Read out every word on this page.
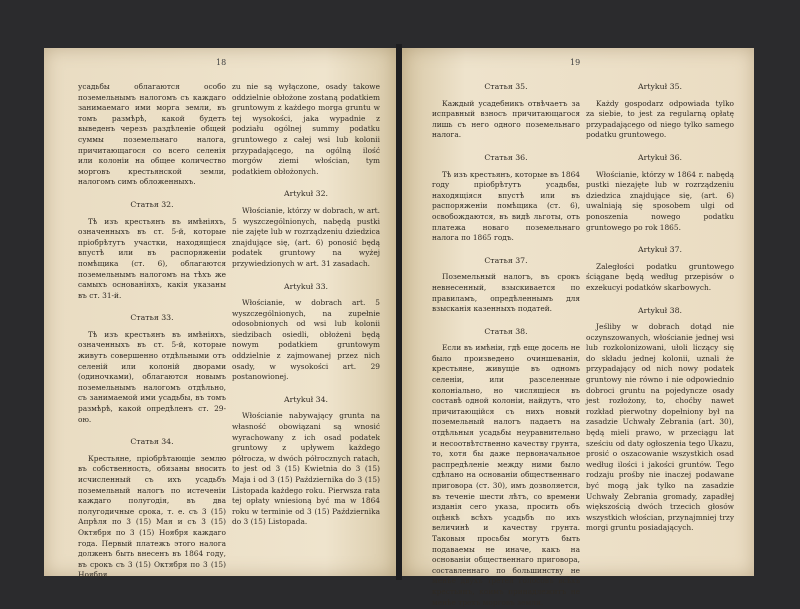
18

усадьбы облагаются особо поземельнымъ налогомъ съ каждаго занимаемаго ими морга земли, въ томъ размѣрѣ, какой будетъ выведенъ черезъ раздѣленіе общей суммы поземельнаго налога, причитающагося со всего селенія или колоніи на общее количество морговъ крестьянской земли, налогомъ симъ обложенныхъ.

Статья 32.

Тѣ изъ крестьянъ въ имѣніяхъ, означенныхъ въ ст. 5-й, которые пріобрѣтутъ участки, находящіеся впустѣ или въ распоряженіи помѣщика (ст. 6), облагаются поземельнымъ налогомъ на тѣхъ же самыхъ основаніяхъ, какія указаны въ ст. 31-й.

Статья 33.

Тѣ изъ крестьянъ въ имѣніяхъ, означенныхъ въ ст. 5-й, которые живутъ совершенно отдѣльными отъ селеній или колоній дворами (одиночками), облагаются новымъ поземельнымъ налогомъ отдѣльно, съ занимаемой ими усадьбы, въ томъ размѣрѣ, какой опредѣленъ ст. 29-ою.

Статья 34.

Крестьяне, пріобрѣтающіе землю въ собственность, обязаны вносить исчисленный съ ихъ усадьбъ поземельный налогъ по истеченіи каждаго полугодія, въ два полугодичные срока, т. е. съ 3 (15) Апрѣля по 3 (15) Мая и съ 3 (15) Октября по 3 (15) Ноября каждаго года. Первый платежъ этого налога долженъ быть внесенъ въ 1864 году, въ срокъ съ 3 (15) Октября по 3 (15) Ноября.

zu nie są wyłączone, osady takowe oddzielnie obłożone zostaną podatkiem gruntowym z każdego morga gruntu w tej wysokości, jaka wypadnie z podziału ogólnej summy podatku gruntowego z całej wsi lub kolonii przypadającego, na ogólną ilość morgów ziemi włościan, tym podatkiem obłożonych.

Artykuł 32.

Włościanie, którzy w dobrach, w art. 5 wyszczególnionych, nabędą pustki nie zajęte lub w rozrządzeniu dziedzica znajdujące się, (art. 6) ponosić będą podatek gruntowy na wyżej przywiedzionych w art. 31 zasadach.

Artykuł 33.

Włościanie, w dobrach art. 5 wyszczególnionych, na zupełnie odosobnionych od wsi lub kolonii siedzibach osiedli, obłożeni będą nowym podatkiem gruntowym oddzielnie z zajmowanej przez nich osady, w wysokości art. 29 postanowionej.

Artykuł 34.

Włościanie nabywający grunta na własność obowiązani są wnosić wyrachowany z ich osad podatek gruntowy z upływem każdego półrocza, w dwóch półrocznych ratach, to jest od 3 (15) Kwietnia do 3 (15) Maja i od 3 (15) Października do 3 (15) Listopada każdego roku. Pierwsza rata tej opłaty wniesioną być ma w 1864 roku w terminie od 3 (15) Października do 3 (15) Listopada.

19
Статья 35.

Каждый усадебникъ отвѣчаетъ за исправный взносъ причитающагося лишь съ него одного поземельнаго налога.

Статья 36.

Тѣ изъ крестьянъ, которые въ 1864 году пріобрѣтутъ усадьбы, находящіяся впустѣ или въ распоряженіи помѣщика (ст. 6), освобождаются, въ видѣ льготы, отъ платежа новаго поземельнаго налога по 1865 годъ.

Статья 37.

Поземельный налогъ, въ срокъ невнесенный, взыскивается по правиламъ, опредѣленнымъ для взысканія казенныхъ податей.

Статья 38.

Если въ имѣніи, гдѣ еще досель не было произведено очиншеванія, крестьяне, живущіе въ одномъ селеніи, или разселенные колоніально, но числящіеся въ составѣ одной колоніи, найдутъ, что причитающійся съ нихъ новый поземельный налогъ падаетъ на отдѣльныя усадьбы неуравнительно и несоотвѣтственно качеству грунта, то, хотя бы даже первоначальное распредѣленіе между ними было сдѣлано на основаніи общественнаго приговора (ст. 30), имъ дозволяется, въ теченіе шести лѣтъ, со времени изданія сего указа, просить объ оцѣнкѣ всѣхъ усадьбъ по ихъ величинѣ и качеству грунта. Таковыя просьбы могутъ быть подаваемы не иначе, какъ на основаніи общественнаго приговора, составленнаго по большинству не менѣе двухъ третей голосовъ всѣхъ крестьянъ, коимъ принадлежитъ не менѣе трехъ морговъ земли.

Artykuł 35.

Każdy gospodarz odpowiada tylko za siebie, to jest za regularną opłatę przypadającego od niego tylko samego podatku gruntowego.

Artykuł 36.

Włościanie, którzy w 1864 r. nabędą pustki niezajęte lub w rozrządzeniu dziedzica znajdujące się, (art. 6) uwalniają się sposobem ulgi od ponoszenia nowego podatku gruntowego po rok 1865.

Artykuł 37.

Zaległości podatku gruntowego ściągane będą według przepisów o exzekucyi podatków skarbowych.

Artykuł 38.

Jeśliby w dobrach dotąd nie oczynszowanych, włościanie jednej wsi lub rozkolonizowani, ułoli liczący się do składu jednej kolonii, uznali że przypadający od nich nowy podatek gruntowy nie równo i nie odpowiednio dobroci gruntu na pojedyncze osady jest rozłożony, to, choćby nawet rozkład pierwotny dopełniony był na zasadzie Uchwały Zebrania (art. 30), będą mieli prawo, w przeciągu lat sześciu od daty ogłoszenia tego Ukazu, prosić o oszacowanie wszystkich osad według ilości i jakości gruntów. Tego rodzaju prośby nie inaczej podawane być mogą jak tylko na zasadzie Uchwały Zebrania gromady, zapadłej większością dwóch trzecich głosów wszystkich włościan, przynajmniej trzy morgi gruntu posiadających.
